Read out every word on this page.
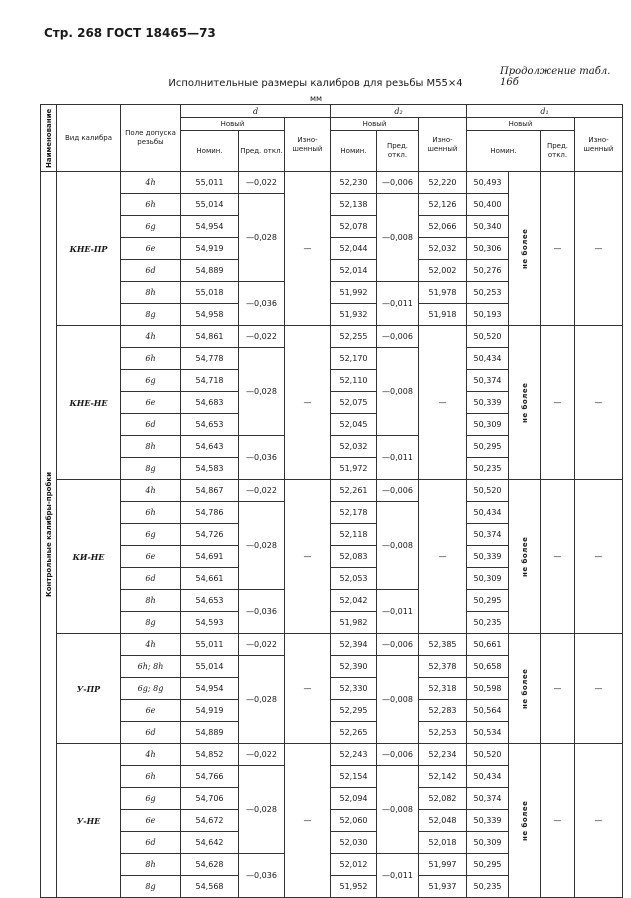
Стр. 268 ГОСТ 18465—73
Продолжение табл. 16б
Исполнительные размеры калибров для резьбы М55×4
мм
Наименование	Вид калибра	Поле допуска резьбы	d			d₂			d₁			
			Новый		Изно- шенный	Новый		Изно- шенный	Новый			Изно- шенный
			Номин.	Пред. откл.		Номин.	Пред. откл.		Номин.		Пред. откл.	
Контрольные калибры-пробки	КНЕ-ПР	4h	55,011	—0,022	—	52,230	—0,006	52,220	50,493	не более	—	—
		6h	55,014	—0,028		52,138	—0,008	52,126	50,400			
		6g	54,954			52,078		52,066	50,340			
		6e	54,919			52,044		52,032	50,306			
		6d	54,889			52,014		52,002	50,276			
		8h	55,018	—0,036		51,992	—0,011	51,978	50,253			
		8g	54,958			51,932		51,918	50,193			
	КНЕ-НЕ	4h	54,861	—0,022	—	52,255	—0,006	—	50,520	не более	—	—
		6h	54,778	—0,028		52,170	—0,008		50,434			
		6g	54,718			52,110			50,374			
		6e	54,683			52,075			50,339			
		6d	54,653			52,045			50,309			
		8h	54,643	—0,036		52,032	—0,011		50,295			
		8g	54,583			51,972			50,235			
	КИ-НЕ	4h	54,867	—0,022	—	52,261	—0,006	—	50,520	не более	—	—
		6h	54,786	—0,028		52,178	—0,008		50,434			
		6g	54,726			52,118			50,374			
		6e	54,691			52,083			50,339			
		6d	54,661			52,053			50,309			
		8h	54,653	—0,036		52,042	—0,011		50,295			
		8g	54,593			51,982			50,235			
	У-ПР	4h	55,011	—0,022	—	52,394	—0,006	52,385	50,661	не более	—	—
		6h; 8h	55,014	—0,028		52,390	—0,008	52,378	50,658			
		6g; 8g	54,954			52,330		52,318	50,598			
		6e	54,919			52,295		52,283	50,564			
		6d	54,889			52,265		52,253	50,534			
	У-НЕ	4h	54,852	—0,022	—	52,243	—0,006	52,234	50,520	не более	—	—
		6h	54,766	—0,028		52,154	—0,008	52,142	50,434			
		6g	54,706			52,094		52,082	50,374			
		6e	54,672			52,060		52,048	50,339			
		6d	54,642			52,030		52,018	50,309			
		8h	54,628	—0,036		52,012	—0,011	51,997	50,295			
		8g	54,568			51,952		51,937	50,235			
